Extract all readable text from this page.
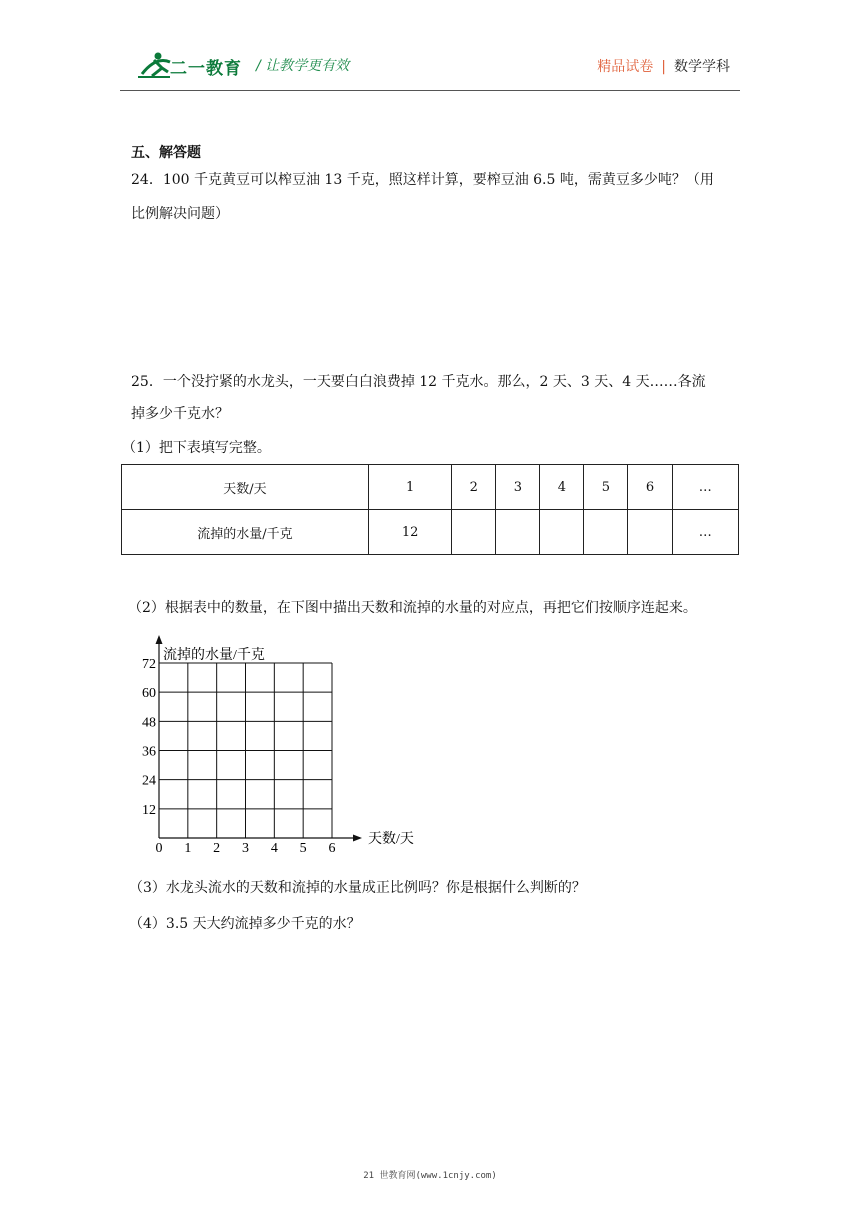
二一教育 / 让教学更有效	精品试卷 | 数学学科
五、解答题
24．100 千克黄豆可以榨豆油 13 千克，照这样计算，要榨豆油 6.5 吨，需黄豆多少吨？（用
比例解决问题）
25．一个没拧紧的水龙头，一天要白白浪费掉 12 千克水。那么，2 天、3 天、4 天……各流
掉多少千克水？
（1）把下表填写完整。
天数/天	1	2	3	4	5	6	…
流掉的水量/千克	12						…
（2）根据表中的数量，在下图中描出天数和流掉的水量的对应点，再把它们按顺序连起来。
流掉的水量/千克
天数/天
0 1 2 3 4 5 6
12
24
36
48
60
72
（3）水龙头流水的天数和流掉的水量成正比例吗？你是根据什么判断的？
（4）3.5 天大约流掉多少千克的水？
21 世教育网(www.1cnjy.com)
